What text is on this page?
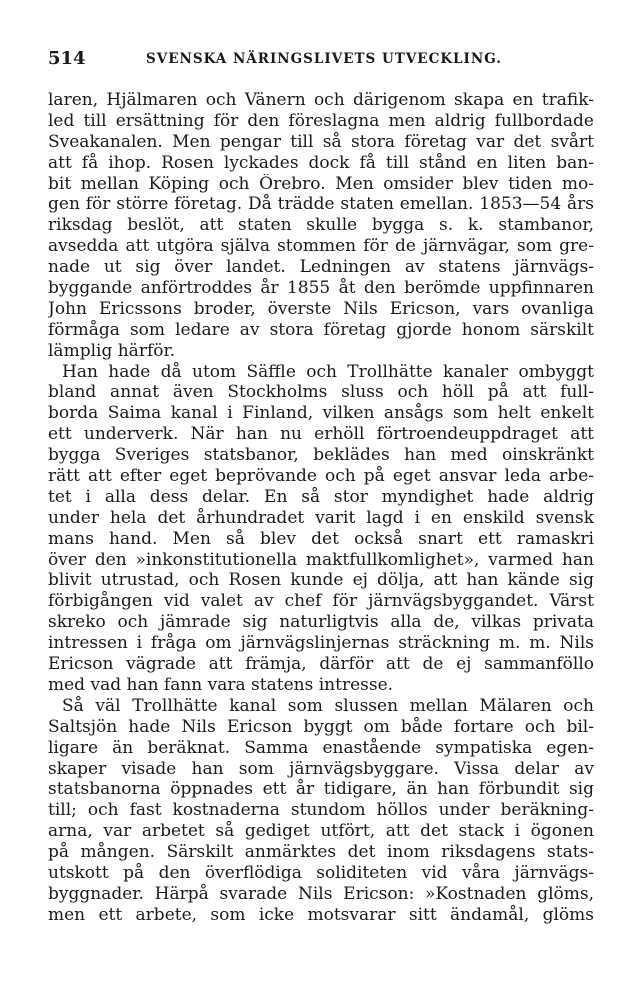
514	SVENSKA NÄRINGSLIVETS UTVECKLING.
laren, Hjälmaren och Vänern och därigenom skapa en trafik-
led till ersättning för den föreslagna men aldrig fullbordade
Sveakanalen. Men pengar till så stora företag var det svårt
att få ihop. Rosen lyckades dock få till stånd en liten ban-
bit mellan Köping och Örebro. Men omsider blev tiden mo-
gen för större företag. Då trädde staten emellan. 1853—54 års
riksdag beslöt, att staten skulle bygga s. k. stambanor,
avsedda att utgöra själva stommen för de järnvägar, som gre-
nade ut sig över landet. Ledningen av statens järnvägs-
byggande anförtroddes år 1855 åt den berömde uppfinnaren
John Ericssons broder, överste Nils Ericson, vars ovanliga
förmåga som ledare av stora företag gjorde honom särskilt
lämplig härför.
Han hade då utom Säffle och Trollhätte kanaler ombyggt
bland annat även Stockholms sluss och höll på att full-
borda Saima kanal i Finland, vilken ansågs som helt enkelt
ett underverk. När han nu erhöll förtroendeuppdraget att
bygga Sveriges statsbanor, beklädes han med oinskränkt
rätt att efter eget beprövande och på eget ansvar leda arbe-
tet i alla dess delar. En så stor myndighet hade aldrig
under hela det århundradet varit lagd i en enskild svensk
mans hand. Men så blev det också snart ett ramaskri
över den »inkonstitutionella maktfullkomlighet», varmed han
blivit utrustad, och Rosen kunde ej dölja, att han kände sig
förbigången vid valet av chef för järnvägsbyggandet. Värst
skreko och jämrade sig naturligtvis alla de, vilkas privata
intressen i fråga om järnvägslinjernas sträckning m. m. Nils
Ericson vägrade att främja, därför att de ej sammanföllo
med vad han fann vara statens intresse.
Så väl Trollhätte kanal som slussen mellan Mälaren och
Saltsjön hade Nils Ericson byggt om både fortare och bil-
ligare än beräknat. Samma enastående sympatiska egen-
skaper visade han som järnvägsbyggare. Vissa delar av
statsbanorna öppnades ett år tidigare, än han förbundit sig
till; och fast kostnaderna stundom höllos under beräkning-
arna, var arbetet så gediget utfört, att det stack i ögonen
på mången. Särskilt anmärktes det inom riksdagens stats-
utskott på den överflödiga soliditeten vid våra järnvägs-
byggnader. Härpå svarade Nils Ericson: »Kostnaden glöms,
men ett arbete, som icke motsvarar sitt ändamål, glöms
